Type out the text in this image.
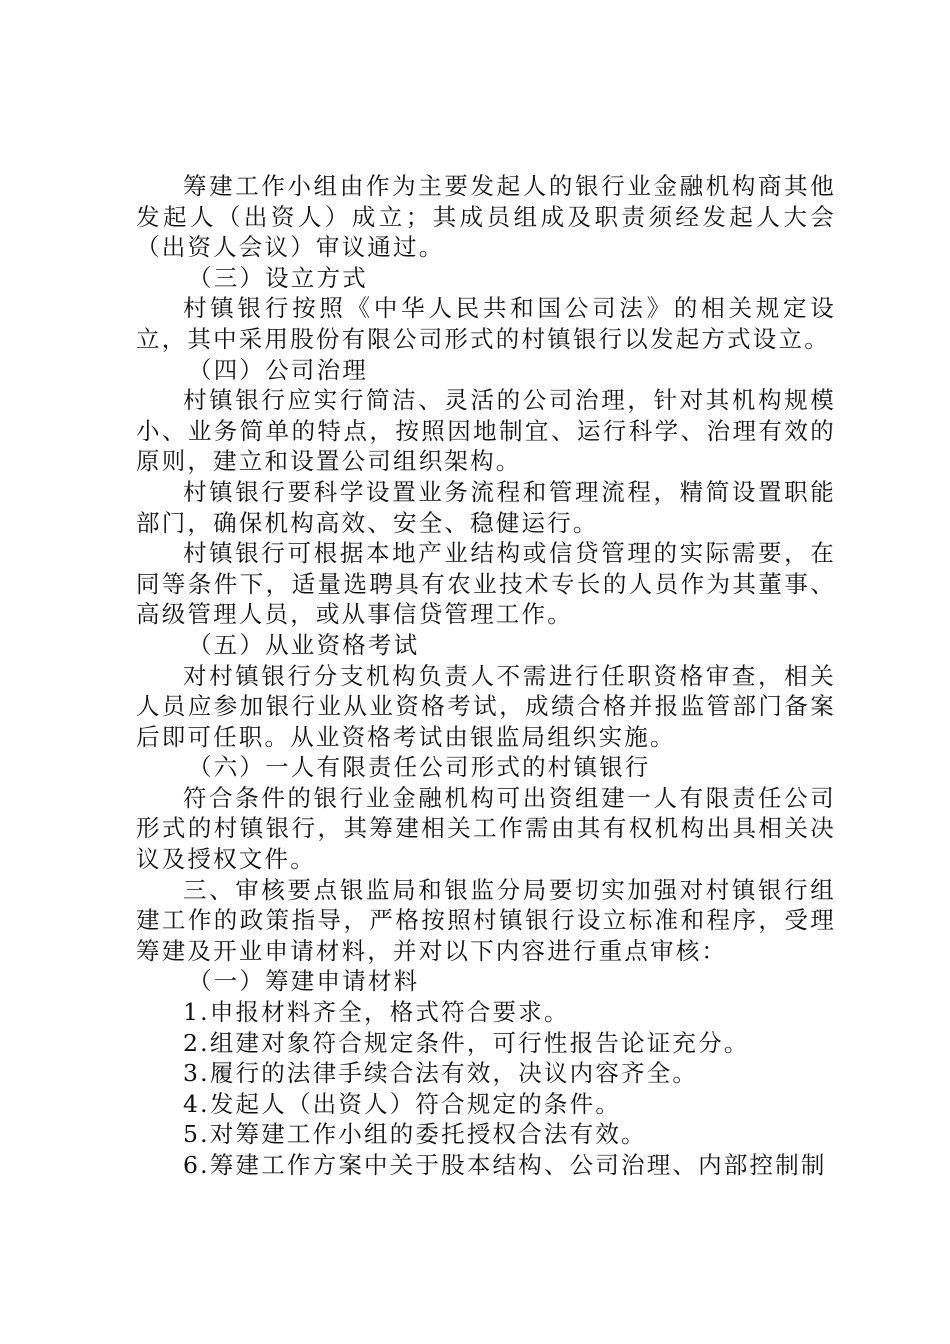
筹建工作小组由作为主要发起人的银行业金融机构商其他发起人（出资人）成立；其成员组成及职责须经发起人大会（出资人会议）审议通过。

（三）设立方式

村镇银行按照《中华人民共和国公司法》的相关规定设立，其中采用股份有限公司形式的村镇银行以发起方式设立。

（四）公司治理

村镇银行应实行简洁、灵活的公司治理，针对其机构规模小、业务简单的特点，按照因地制宜、运行科学、治理有效的原则，建立和设置公司组织架构。

村镇银行要科学设置业务流程和管理流程，精简设置职能部门，确保机构高效、安全、稳健运行。

村镇银行可根据本地产业结构或信贷管理的实际需要，在同等条件下，适量选聘具有农业技术专长的人员作为其董事、高级管理人员，或从事信贷管理工作。

（五）从业资格考试

对村镇银行分支机构负责人不需进行任职资格审查，相关人员应参加银行业从业资格考试，成绩合格并报监管部门备案后即可任职。从业资格考试由银监局组织实施。

（六）一人有限责任公司形式的村镇银行

符合条件的银行业金融机构可出资组建一人有限责任公司形式的村镇银行，其筹建相关工作需由其有权机构出具相关决议及授权文件。

三、审核要点银监局和银监分局要切实加强对村镇银行组建工作的政策指导，严格按照村镇银行设立标准和程序，受理筹建及开业申请材料，并对以下内容进行重点审核：

（一）筹建申请材料

1.申报材料齐全，格式符合要求。

2.组建对象符合规定条件，可行性报告论证充分。

3.履行的法律手续合法有效，决议内容齐全。

4.发起人（出资人）符合规定的条件。

5.对筹建工作小组的委托授权合法有效。

6.筹建工作方案中关于股本结构、公司治理、内部控制制
